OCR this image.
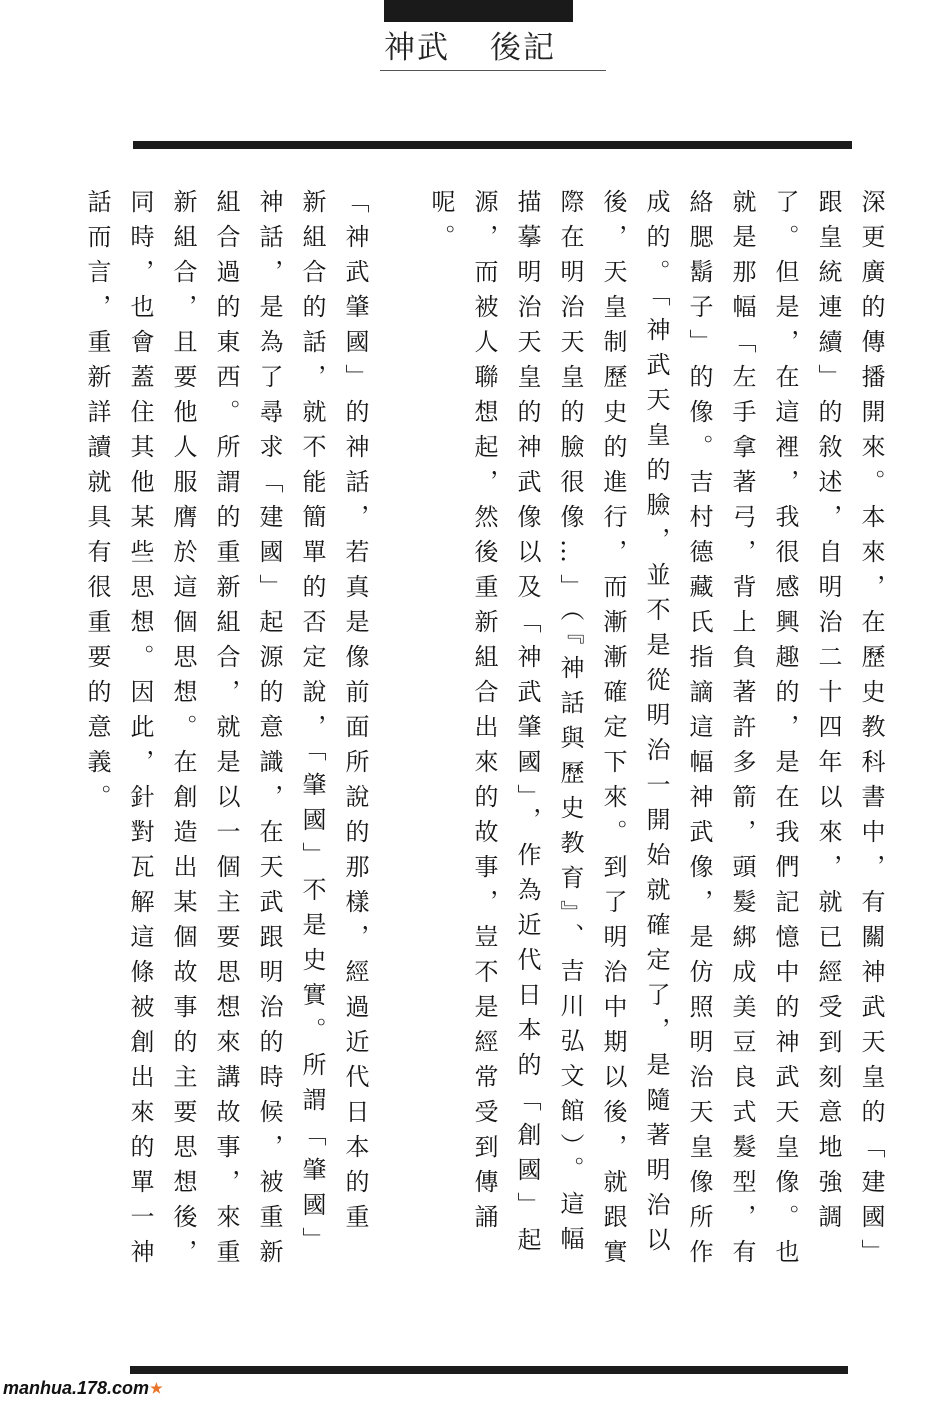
神武 後記
深更廣的傳播開來。本來，在歷史教科書中，有關神武天皇的「建國」
跟皇統連續」的敘述，自明治二十四年以來，就已經受到刻意地強調
了。但是，在這裡，我很感興趣的，是在我們記憶中的神武天皇像。也
就是那幅「左手拿著弓，背上負著許多箭，頭髮綁成美豆良式髮型，有
絡腮鬍子」的像。吉村德藏氏指謫這幅神武像，是仿照明治天皇像所作
成的。「神武天皇的臉，並不是從明治一開始就確定了，是隨著明治以
後，天皇制歷史的進行，而漸漸確定下來。到了明治中期以後，就跟實
際在明治天皇的臉很像…」（『神話與歷史教育』、吉川弘文館）。這幅
描摹明治天皇的神武像以及「神武肇國」，作為近代日本的「創國」起
源，而被人聯想起，然後重新組合出來的故事，豈不是經常受到傳誦
呢。

「神武肇國」的神話，若真是像前面所說的那樣，經過近代日本的重
新組合的話，就不能簡單的否定說，「肇國」不是史實。所謂「肇國」
神話，是為了尋求「建國」起源的意識，在天武跟明治的時候，被重新
組合過的東西。所謂的重新組合，就是以一個主要思想來講故事，來重
新組合，且要他人服膺於這個思想。在創造出某個故事的主要思想後，
同時，也會蓋住其他某些思想。因此，針對瓦解這條被創出來的單一神
話而言，重新詳讀就具有很重要的意義。
manhua.178.com★
